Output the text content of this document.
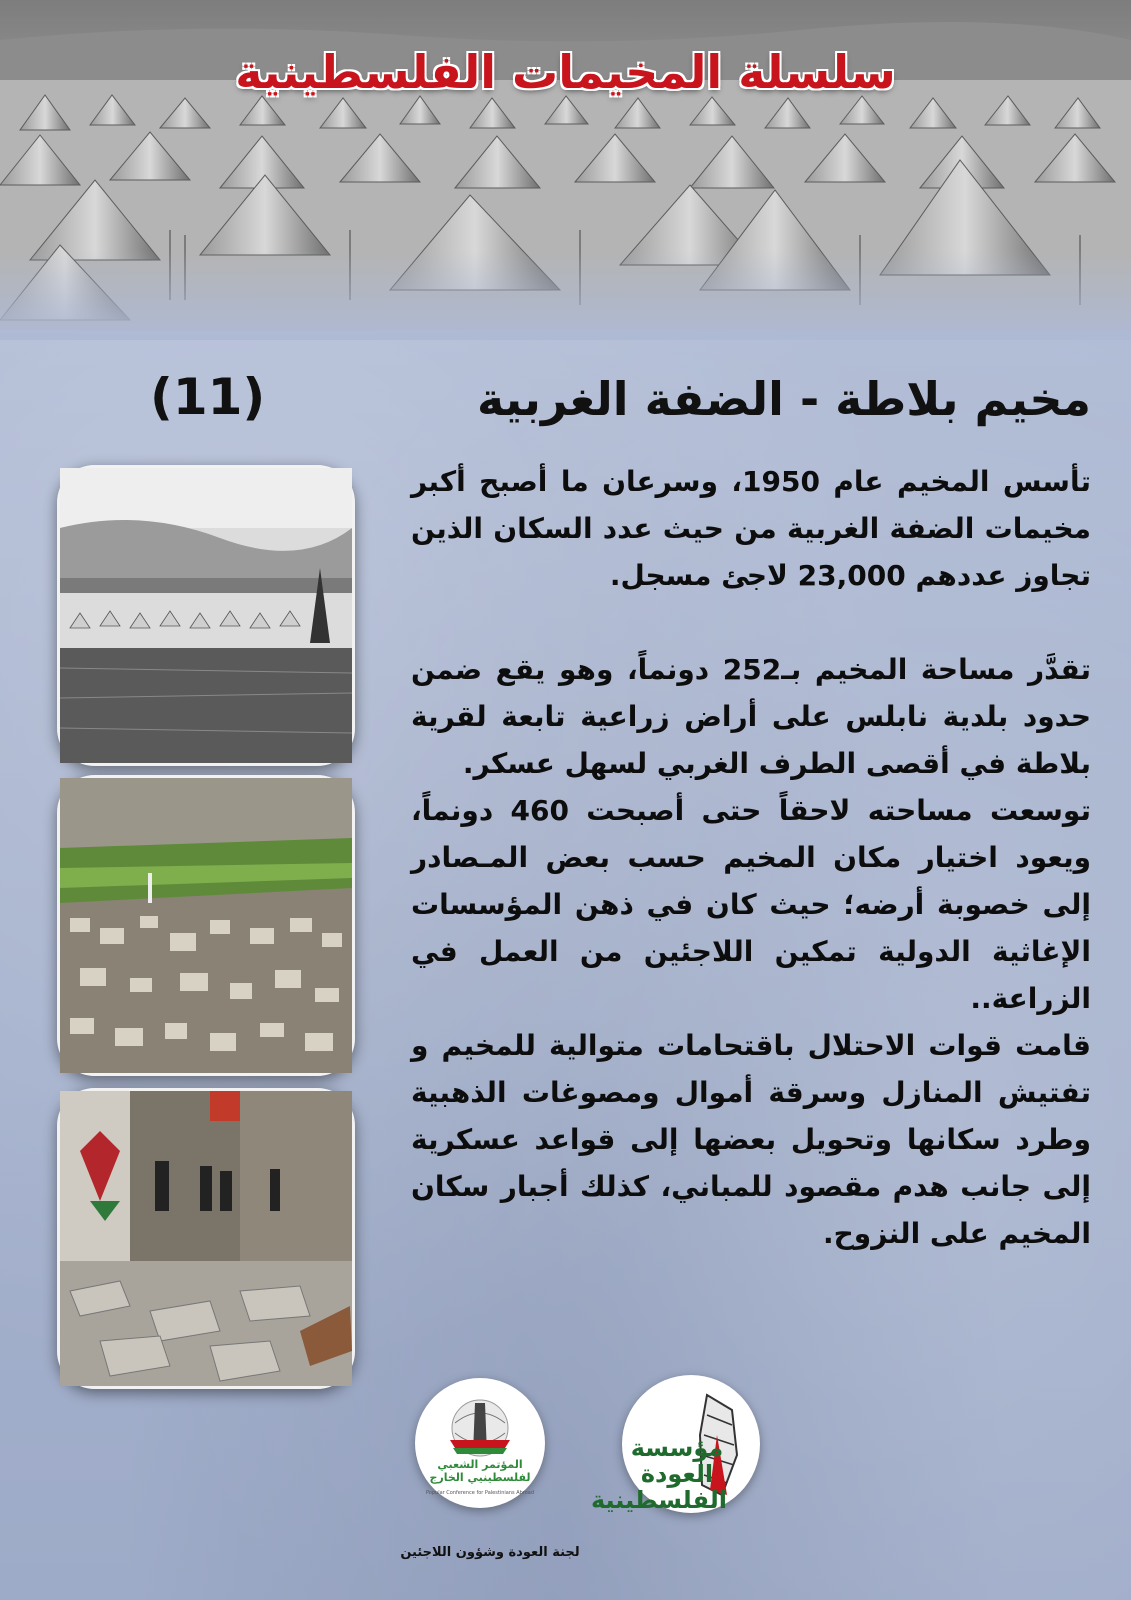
سلسلة المخيمات الفلسطينية
(11)	مخيم بلاطة - الضفة الغربية

تأسس المخيم عام 1950، وسرعان ما أصبح أكبر مخيمات الضفة الغربية من حيث عدد السكان الذين تجاوز عددهم 23,000 لاجئ مسجل.

تقدَّر مساحة المخيم بـ252 دونماً، وهو يقع ضمن حدود بلدية نابلس على أراض زراعية تابعة لقرية بلاطة في أقصى الطرف الغربي لسهل عسكر.

توسعت مساحته لاحقاً حتى أصبحت 460 دونماً، ويعود اختيار مكان المخيم حسب بعض المـصادر إلى خصوبة أرضه؛ حيث كان في ذهن المؤسسات الإغاثية الدولية تمكين اللاجئين من العمل في الزراعة..

قامت قوات الاحتلال باقتحامات متوالية للمخيم و تفتيش المنازل وسرقة أموال ومصوغات الذهبية وطرد سكانها وتحويل بعضها إلى قواعد عسكرية إلى جانب هدم مقصود للمباني، كذلك أجبار سكان المخيم على النزوح.

المؤتمر الشعبي لفلسطينيي الخارج
Popular Conference for Palestinians Abroad
مؤسسة العودة الفلسطينية
لجنة العودة وشؤون اللاجئين
